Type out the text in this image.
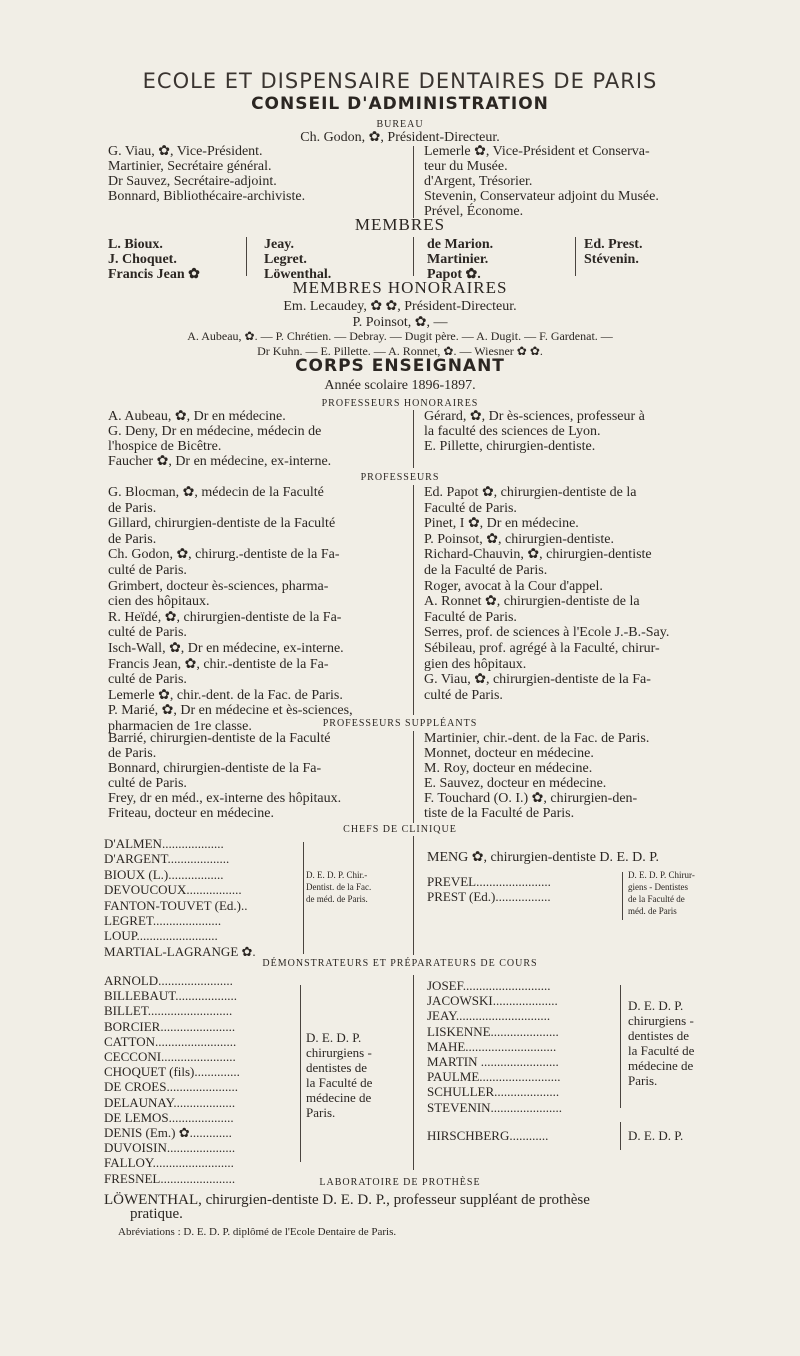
ECOLE ET DISPENSAIRE DENTAIRES DE PARIS
CONSEIL D'ADMINISTRATION
BUREAU
Ch. Godon, ✿, Président-Directeur.
G. Viau, ✿, Vice-Président.
Martinier, Secrétaire général.
Dr Sauvez, Secrétaire-adjoint.
Bonnard, Bibliothécaire-archiviste.
Lemerle ✿, Vice-Président et Conserva-
teur du Musée.
d'Argent, Trésorier.
Stevenin, Conservateur adjoint du Musée.
Prével, Économe.
MEMBRES
L. Bioux.
J. Choquet.
Francis Jean ✿
Jeay.
Legret.
Löwenthal.
de Marion.
Martinier.
Papot ✿.
Ed. Prest.
Stévenin.
MEMBRES HONORAIRES
Em. Lecaudey, ✿ ✿, Président-Directeur.
P. Poinsot, ✿, —
A. Aubeau, ✿. — P. Chrétien. — Debray. — Dugit père. — A. Dugit. — F. Gardenat. —
Dr Kuhn. — E. Pillette. — A. Ronnet, ✿. — Wiesner ✿ ✿.
CORPS ENSEIGNANT
Année scolaire 1896-1897.
PROFESSEURS HONORAIRES
A. Aubeau, ✿, Dr en médecine.
G. Deny, Dr en médecine, médecin de
l'hospice de Bicêtre.
Faucher ✿, Dr en médecine, ex-interne.
Gérard, ✿, Dr ès-sciences, professeur à
la faculté des sciences de Lyon.
E. Pillette, chirurgien-dentiste.
PROFESSEURS
G. Blocman, ✿, médecin de la Faculté
de Paris.
Gillard, chirurgien-dentiste de la Faculté
de Paris.
Ch. Godon, ✿, chirurg.-dentiste de la Fa-
culté de Paris.
Grimbert, docteur ès-sciences, pharma-
cien des hôpitaux.
R. Heïdé, ✿, chirurgien-dentiste de la Fa-
culté de Paris.
Isch-Wall, ✿, Dr en médecine, ex-interne.
Francis Jean, ✿, chir.-dentiste de la Fa-
culté de Paris.
Lemerle ✿, chir.-dent. de la Fac. de Paris.
P. Marié, ✿, Dr en médecine et ès-sciences,
pharmacien de 1re classe.
Ed. Papot ✿, chirurgien-dentiste de la
Faculté de Paris.
Pinet, I ✿, Dr en médecine.
P. Poinsot, ✿, chirurgien-dentiste.
Richard-Chauvin, ✿, chirurgien-dentiste
de la Faculté de Paris.
Roger, avocat à la Cour d'appel.
A. Ronnet ✿, chirurgien-dentiste de la
Faculté de Paris.
Serres, prof. de sciences à l'Ecole J.-B.-Say.
Sébileau, prof. agrégé à la Faculté, chirur-
gien des hôpitaux.
G. Viau, ✿, chirurgien-dentiste de la Fa-
culté de Paris.
PROFESSEURS SUPPLÉANTS
Barrié, chirurgien-dentiste de la Faculté
de Paris.
Bonnard, chirurgien-dentiste de la Fa-
culté de Paris.
Frey, dr en méd., ex-interne des hôpitaux.
Friteau, docteur en médecine.
Martinier, chir.-dent. de la Fac. de Paris.
Monnet, docteur en médecine.
M. Roy, docteur en médecine.
E. Sauvez, docteur en médecine.
F. Touchard (O. I.) ✿, chirurgien-den-
tiste de la Faculté de Paris.
CHEFS DE CLINIQUE
D'ALMEN...................
D'ARGENT...................
BIOUX (L.).................
DEVOUCOUX.................
FANTON-TOUVET (Ed.)..
LEGRET.....................
LOUP.........................
MARTIAL-LAGRANGE ✿.
D. E. D. P. Chir.-
Dentist. de la Fac.
de méd. de Paris.
MENG ✿, chirurgien-dentiste D. E. D. P.
PREVEL.......................
PREST (Ed.).................
D. E. D. P. Chirur-
giens - Dentistes
de la Faculté de
méd. de Paris
DÉMONSTRATEURS ET PRÉPARATEURS DE COURS
ARNOLD.......................
BILLEBAUT...................
BILLET..........................
BORCIER.......................
CATTON.........................
CECCONI.......................
CHOQUET (fils)..............
DE CROES......................
DELAUNAY...................
DE LEMOS....................
DENIS (Em.) ✿.............
DUVOISIN.....................
FALLOY.........................
FRESNEL.......................
D. E. D. P.
chirurgiens -
dentistes de
la Faculté de
médecine de
Paris.
JOSEF...........................
JACOWSKI....................
JEAY.............................
LISKENNE.....................
MAHE............................
MARTIN ........................
PAULME.........................
SCHULLER....................
STEVENIN......................
D. E. D. P.
chirurgiens -
dentistes de
la Faculté de
médecine de
Paris.
HIRSCHBERG............	D. E. D. P.
LABORATOIRE DE PROTHÈSE
LÖWENTHAL, chirurgien-dentiste D. E. D. P., professeur suppléant de prothèse
pratique.
Abréviations : D. E. D. P. diplômé de l'Ecole Dentaire de Paris.
